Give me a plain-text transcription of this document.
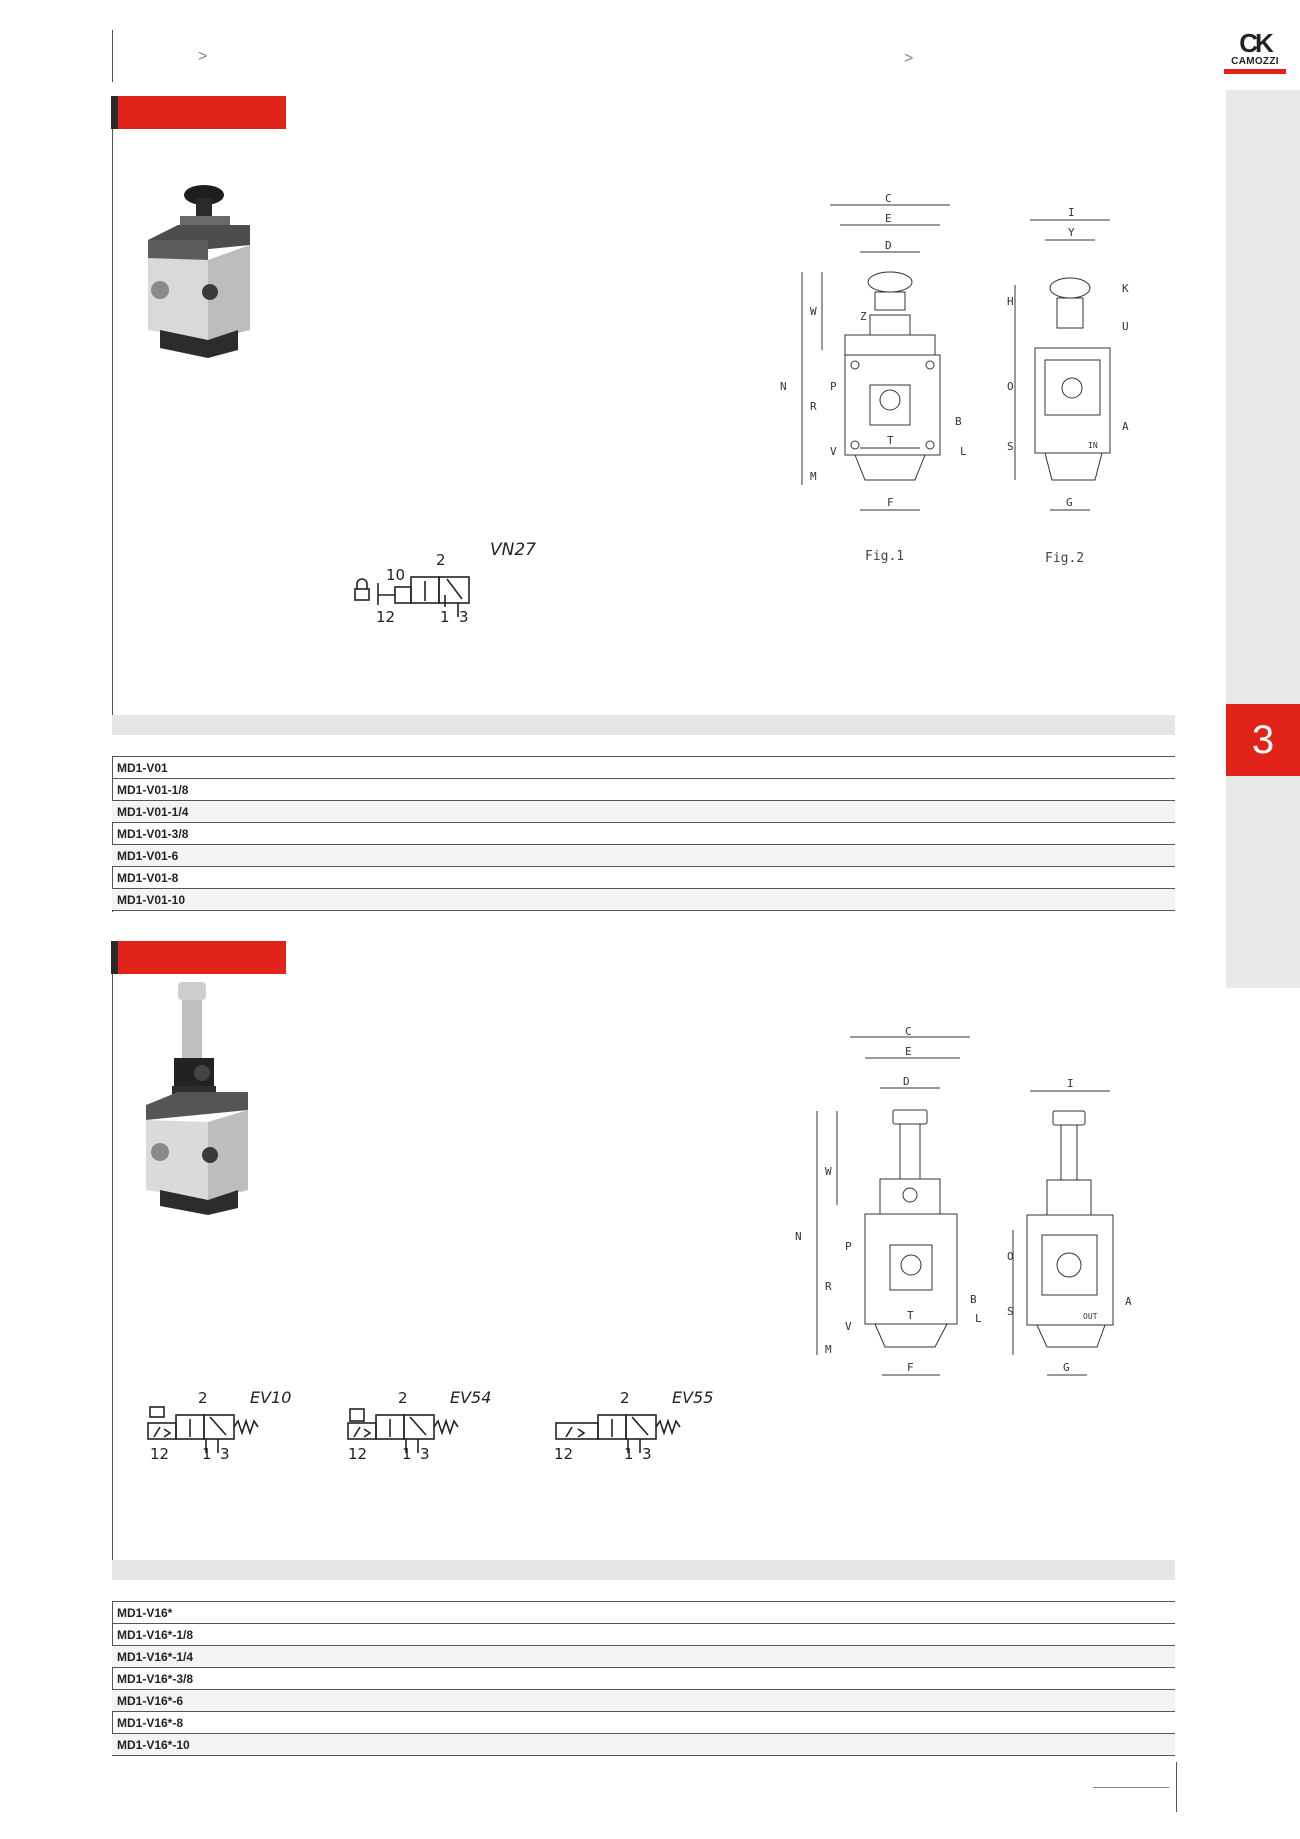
>	>
CK
CAMOZZI
3
C
E
D
Z
F
T
B
L
N
W
P
R
V
M
I
Y
G
K
H
U
O
S
A
IN
Fig.1	Fig.2
2
10
12	1 3
VN27

MD1-V01
MD1-V01-1/8
MD1-V01-1/4
MD1-V01-3/8
MD1-V01-6
MD1-V01-8
MD1-V01-10
C
E
D
F
T
B
L
N
W
P
R
V
M
I
G
O
S
A
OUT
2
12 1 3
EV10	2
12 1 3
EV54	2
12	1 3
EV55

MD1-V16*
MD1-V16*-1/8
MD1-V16*-1/4
MD1-V16*-3/8
MD1-V16*-6
MD1-V16*-8
MD1-V16*-10
